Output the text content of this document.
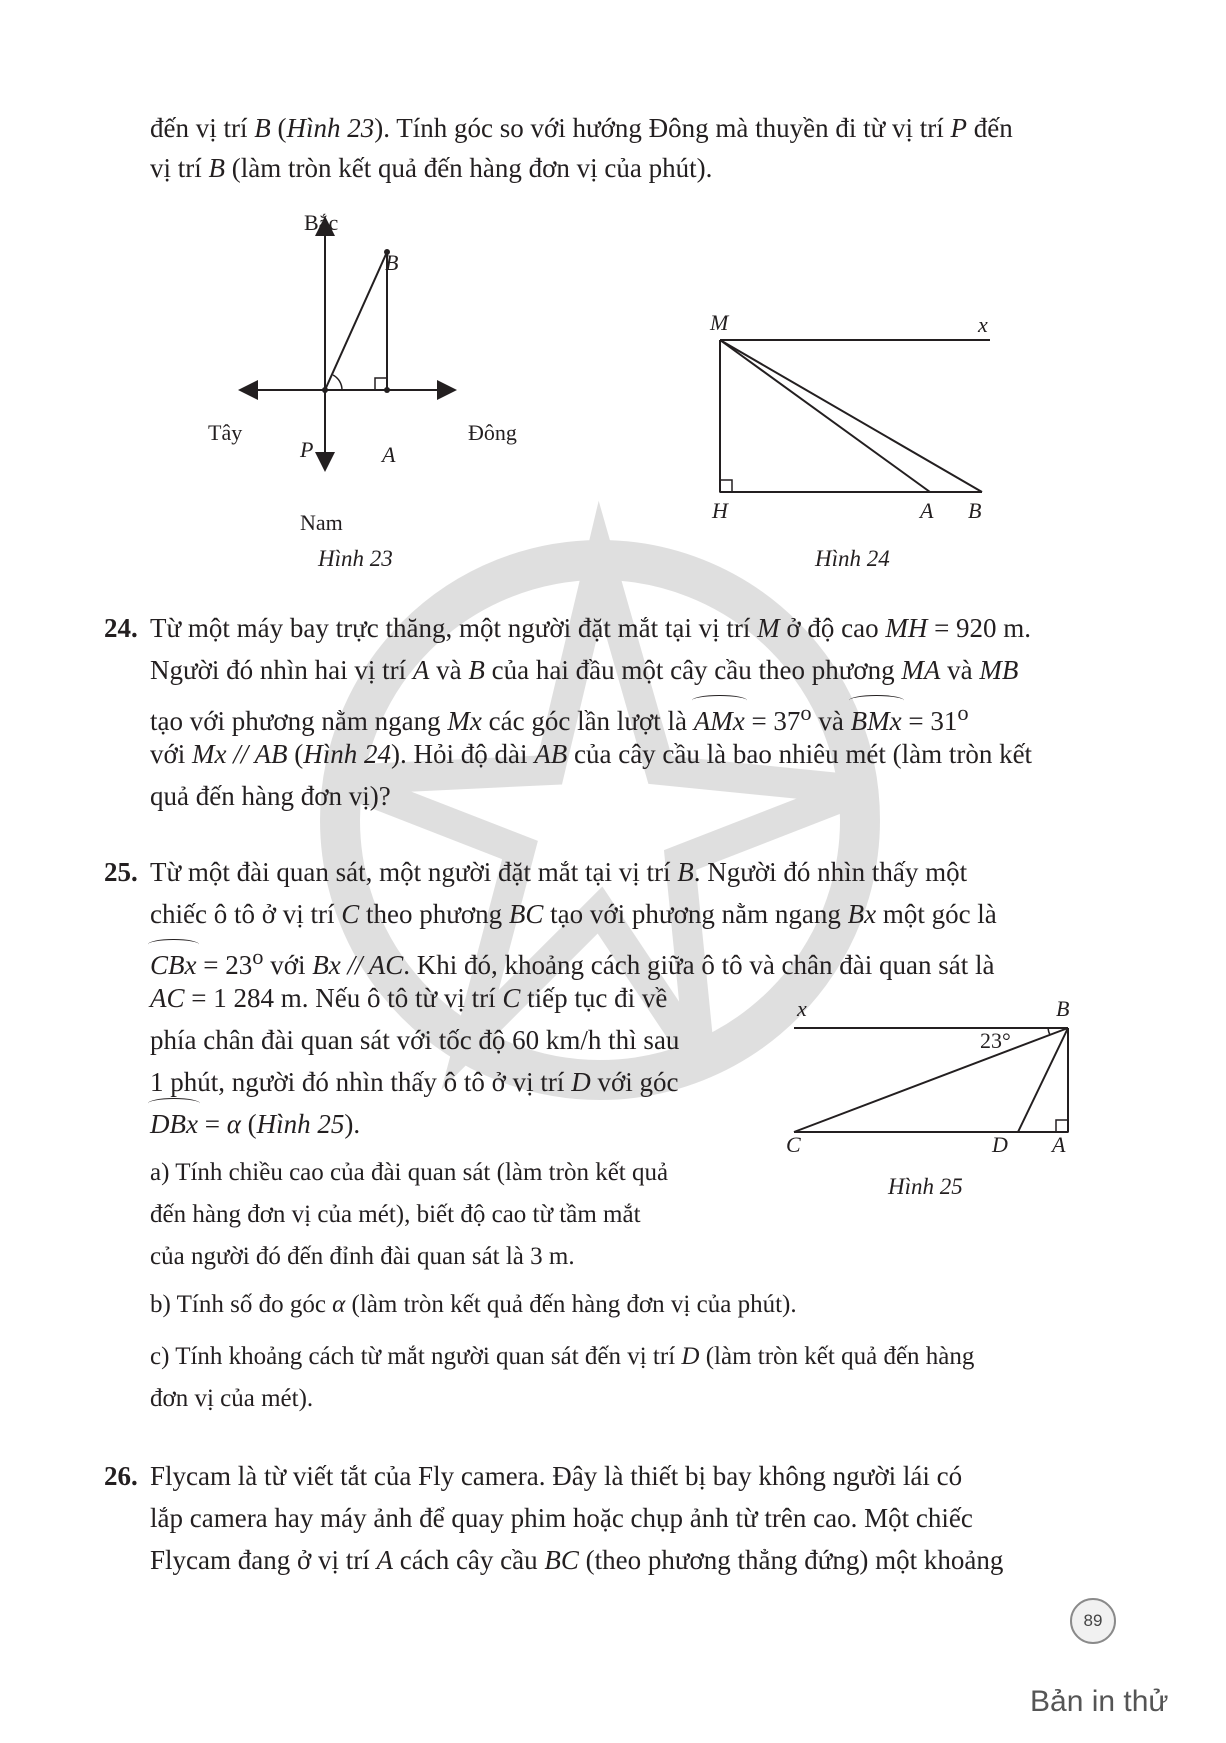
đến vị trí B (Hình 23). Tính góc so với hướng Đông mà thuyền đi từ vị trí P đến

vị trí B (làm tròn kết quả đến hàng đơn vị của phút).

Bắc
B
Tây	Đông
P	A
Nam
Hình 23
M	x
H	A B
Hình 24

24. Từ một máy bay trực thăng, một người đặt mắt tại vị trí M ở độ cao MH = 920 m.

Người đó nhìn hai vị trí A và B của hai đầu một cây cầu theo phương MA và MB

tạo với phương nằm ngang Mx các góc lần lượt là AMx = $37^o$ và BMx = $31^o$

với Mx // AB (Hình 24). Hỏi độ dài AB của cây cầu là bao nhiêu mét (làm tròn kết

quả đến hàng đơn vị)?

25. Từ một đài quan sát, một người đặt mắt tại vị trí B. Người đó nhìn thấy một

chiếc ô tô ở vị trí C theo phương BC tạo với phương nằm ngang Bx một góc là

CBx = $23^o$ với Bx // AC. Khi đó, khoảng cách giữa ô tô và chân đài quan sát là

AC = 1 284 m. Nếu ô tô từ vị trí C tiếp tục đi về

phía chân đài quan sát với tốc độ 60 km/h thì sau

1 phút, người đó nhìn thấy ô tô ở vị trí D với góc

DBx = α (Hình 25).

a) Tính chiều cao của đài quan sát (làm tròn kết quả

đến hàng đơn vị của mét), biết độ cao từ tầm mắt

của người đó đến đỉnh đài quan sát là 3 m.

b) Tính số đo góc α (làm tròn kết quả đến hàng đơn vị của phút).

c) Tính khoảng cách từ mắt người quan sát đến vị trí D (làm tròn kết quả đến hàng

đơn vị của mét).

x	B
23°
C	D A
Hình 25

26. Flycam là từ viết tắt của Fly camera. Đây là thiết bị bay không người lái có

lắp camera hay máy ảnh để quay phim hoặc chụp ảnh từ trên cao. Một chiếc

Flycam đang ở vị trí A cách cây cầu BC (theo phương thẳng đứng) một khoảng

89
Bản in thử
